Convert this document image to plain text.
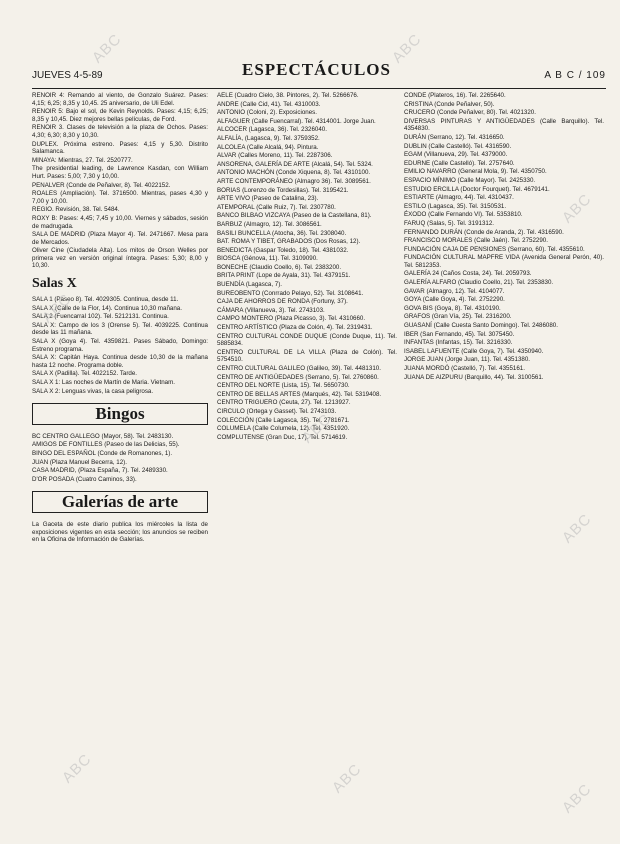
JUEVES 4-5-89	ESPECTÁCULOS	A B C / 109

RENOIR 4: Remando al viento, de Gonzalo Suárez. Pases: 4,15; 6,25; 8,35 y 10,45. 25 aniversario, de Uli Edel.

RENOIR 5: Bajo el sol, de Kevin Reynolds. Pases: 4,15; 6,25; 8,35 y 10,45. Diez mejores bellas películas, de Ford.

RENOIR 3. Clases de televisión a la plaza de Ochos. Pases: 4,30; 6,30; 8,30 y 10,30.

DUPLEX. Próxima estreno. Pases: 4,15 y 5,30. Distrito Salamanca.

MINAYA: Mientras, 27. Tel. 2520777.

The presidential leading, de Lawrence Kasdan, con William Hurt. Pases: 5,00; 7,30 y 10,00.

PENALVER (Conde de Peñalver, 8). Tel. 4022152.

ROALES (Ampliación). Tel. 3716500. Mientras, pases 4,30 y 7,00 y 10,00.

REGIO. Revisión, 38. Tel. 5484.

ROXY B: Pases: 4,45; 7,45 y 10,00. Viernes y sábados, sesión de madrugada.

SALA DE MADRID (Plaza Mayor 4). Tel. 2471667. Mesa para de Mercados.

Oliver Cine (Ciudadela Alta). Los mitos de Orson Welles por primera vez en versión original íntegra. Pases: 5,30; 8,00 y 10,30.

Salas X

SALA 1 (Paseo 8). Tel. 4029305. Continua, desde 11.

SALA X (Calle de la Flor, 14). Continua 10,30 mañana.

SALA 2 (Fuencarral 102). Tel. 5212131. Continua.

SALA X: Campo de los 3 (Orense 5). Tel. 4039225. Continua desde las 11 mañana.

SALA X (Goya 4). Tel. 4359821. Pases Sábado, Domingo: Estreno programa.

SALA X: Capitán Haya. Continua desde 10,30 de la mañana hasta 12 noche. Programa doble.

SALA X (Padilla). Tel. 4022152. Tarde.

SALA X 1: Las noches de Martín de Maria. Vietnam.

SALA X 2: Lenguas vivas, la casa peligrosa.

Bingos

BC CENTRO GALLEGO (Mayor, 58). Tel. 2483130.

AMIGOS DE FONTILLES (Paseo de las Delicias, 55).

BINGO DEL ESPAÑOL (Conde de Romanones, 1).

JUAN (Plaza Manuel Becerra, 12).

CASA MADRID, (Plaza España, 7). Tel. 2489330.

D'OR POSADA (Cuatro Caminos, 33).

Galerías de arte

La Gaceta de este diario publica los miércoles la lista de exposiciones vigentes en esta sección; los anuncios se reciben en la Oficina de Información de Galerías.

AELE (Cuadro Cielo, 38. Pintores, 2). Tel. 5266676.

ANDRE (Calle Cid, 41). Tel. 4310003.

ANTONIO (Coloni, 2). Exposiciones.

ALFAGUER (Calle Fuencarral). Tel. 4314001. Jorge Juan.

ALCOCER (Lagasca, 36). Tel. 2326040.

ALFALÍA, (Lagasca, 9). Tel. 3759352.

ALCOLEA (Calle Alcalá, 94). Pintura.

ALVAR (Calles Moreno, 11). Tel. 2287306.

ANSORENA, GALERÍA DE ARTE (Alcalá, 54). Tel. 5324.

ANTONIO MACHÓN (Conde Xiquena, 8). Tel. 4310100.

ARTE CONTEMPORÁNEO (Almagro 36). Tel. 3089561.

BORIAS (Lorenzo de Tordesillas). Tel. 3195421.

ARTE VIVO (Paseo de Catalina, 23).

ATEMPORAL (Calle Ruiz, 7). Tel. 2307780.

BANCO BILBAO VIZCAYA (Paseo de la Castellana, 81).

BARBUZ (Almagro, 12). Tel. 3086561.

BASILI BUNCELLA (Atocha, 36). Tel. 2308040.

BAT. ROMA Y TIBET, GRABADOS (Dos Rosas, 12).

BENEDICTA (Gaspar Toledo, 18). Tel. 4381032.

BIOSCA (Génova, 11). Tel. 3109090.

BONECHE (Claudio Coello, 6). Tel. 2383200.

BRITA PRINT (Lope de Ayala, 31). Tel. 4379151.

BUENDÍA (Lagasca, 7).

BUREOBENTO (Conrrado Pelayo, 52). Tel. 3108641.

CAJA DE AHORROS DE RONDA (Fortuny, 37).

CÁMARA (Villanueva, 3). Tel. 2743103.

CAMPO MONTERO (Plaza Picasso, 3). Tel. 4310660.

CENTRO ARTÍSTICO (Plaza de Colón, 4). Tel. 2319431.

CENTRO CULTURAL CONDE DUQUE (Conde Duque, 11). Tel. 5885834.

CENTRO CULTURAL DE LA VILLA (Plaza de Colón). Tel. 5754510.

CENTRO CULTURAL GALILEO (Galileo, 39). Tel. 4481310.

CENTRO DE ANTIGÜEDADES (Serrano, 5). Tel. 2760860.

CENTRO DEL NORTE (Lista, 15). Tel. 5650730.

CENTRO DE BELLAS ARTES (Marqués, 42). Tel. 5319408.

CENTRO TRIGUERO (Ceuta, 27). Tel. 1213927.

CIRCULO (Ortega y Gasset). Tel. 2743103.

COLECCIÓN (Calle Lagasca, 35). Tel. 2781671.

COLUMELA (Calle Columela, 12). Tel. 4351920.

COMPLUTENSE (Gran Duc, 17). Tel. 5714619.

CONDE (Plateros, 16). Tel. 2265640.

CRISTINA (Conde Peñalver, 50).

CRUCERO (Conde Peñalver, 80). Tel. 4021320.

DIVERSAS PINTURAS Y ANTIGÜEDADES (Calle Barquillo). Tel. 4354830.

DURÁN (Serrano, 12). Tel. 4316650.

DUBLIN (Calle Castelló). Tel. 4316590.

EGAM (Villanueva, 29). Tel. 4379000.

EDURNE (Calle Castelló). Tel. 2757640.

EMILIO NAVARRO (General Mola, 9). Tel. 4350750.

ESPACIO MÍNIMO (Calle Mayor). Tel. 2425330.

ESTUDIO ERCILLA (Doctor Fourquet). Tel. 4679141.

ESTIARTE (Almagro, 44). Tel. 4310437.

ESTILO (Lagasca, 35). Tel. 3150531.

ÉXODO (Calle Fernando VI). Tel. 5353810.

FARUQ (Salas, 5). Tel. 3191312.

FERNANDO DURÁN (Conde de Aranda, 2). Tel. 4316590.

FRANCISCO MORALES (Calle Jaén). Tel. 2752290.

FUNDACIÓN CAJA DE PENSIONES (Serrano, 60). Tel. 4355610.

FUNDACIÓN CULTURAL MAPFRE VIDA (Avenida General Perón, 40). Tel. 5812353.

GALERÍA 24 (Caños Costa, 24). Tel. 2059793.

GALERÍA ALFARO (Claudio Coello, 21). Tel. 2353830.

GAVAR (Almagro, 12). Tel. 4104077.

GOYA (Calle Goya, 4). Tel. 2752290.

GOVA BIS (Goya, 8). Tel. 4310190.

GRAFOS (Gran Vía, 25). Tel. 2316200.

GUASANÍ (Calle Cuesta Santo Domingo). Tel. 2486080.

IBER (San Fernando, 45). Tel. 3075450.

INFANTAS (Infantas, 15). Tel. 3216330.

ISABEL LAFUENTE (Calle Goya, 7). Tel. 4350940.

JORGE JUAN (Jorge Juan, 11). Tel. 4351380.

JUANA MORDÓ (Castelló, 7). Tel. 4355161.

JUANA DE AIZPURU (Barquillo, 44). Tel. 3100561.

ABC	ABC
ABC
ABC
ABC
ABC
ABC	ABC
ABC
